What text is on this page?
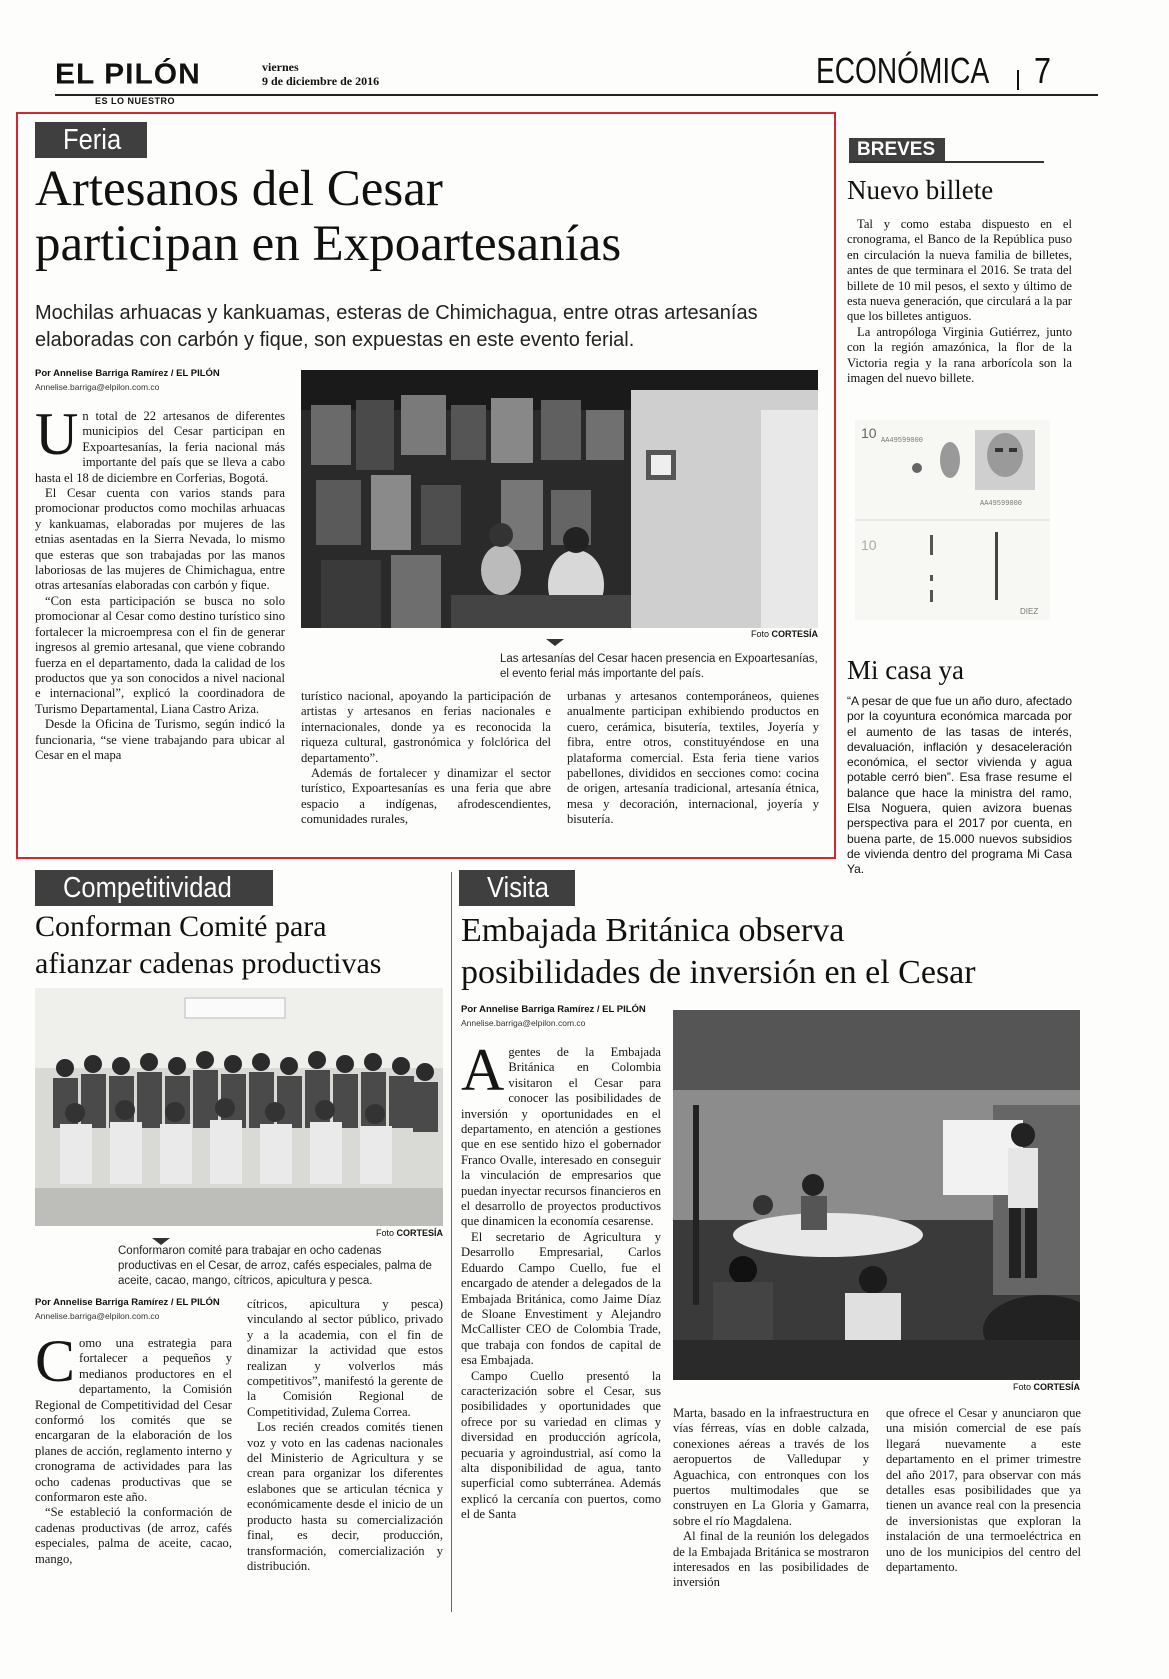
EL PILÓN
ES LO NUESTRO
viernes
9 de diciembre de 2016	ECONÓMICA 7
Feria
Artesanos del Cesar
participan en Expoartesanías
Mochilas arhuacas y kankuamas, esteras de Chimichagua, entre otras artesanías
elaboradas con carbón y fique, son expuestas en este evento ferial.
Por Annelise Barriga Ramírez / EL PILÓN
Annelise.barriga@elpilon.com.co
Foto CORTESÍA
Las artesanías del Cesar hacen presencia en Expoartesanías, el evento ferial más importante del país.

Un total de 22 artesanos de diferentes municipios del Cesar participan en Expoartesanías, la feria nacional más importante del país que se lleva a cabo hasta el 18 de diciembre en Corferias, Bogotá.

El Cesar cuenta con varios stands para promocionar productos como mochilas arhuacas y kankuamas, elaboradas por mujeres de las etnias asentadas en la Sierra Nevada, lo mismo que esteras que son trabajadas por las manos laboriosas de las mujeres de Chimichagua, entre otras artesanías elaboradas con carbón y fique.

“Con esta participación se busca no solo promocionar al Cesar como destino turístico sino fortalecer la microempresa con el fin de generar ingresos al gremio artesanal, que viene cobrando fuerza en el departamento, dada la calidad de los productos que ya son conocidos a nivel nacional e internacional”, explicó la coordinadora de Turismo Departamental, Liana Castro Ariza.

Desde la Oficina de Turismo, según indicó la funcionaria, “se viene trabajando para ubicar al Cesar en el mapa

turístico nacional, apoyando la participación de artistas y artesanos en ferias nacionales e internacionales, donde ya es reconocida la riqueza cultural, gastronómica y folclórica del departamento”.

Además de fortalecer y dinamizar el sector turístico, Expoartesanías es una feria que abre espacio a indígenas, afrodescendientes, comunidades rurales,

urbanas y artesanos contemporáneos, quienes anualmente participan exhibiendo productos en cuero, cerámica, bisutería, textiles, Joyería y fibra, entre otros, constituyéndose en una plataforma comercial. Esta feria tiene varios pabellones, divididos en secciones como: cocina de origen, artesanía tradicional, artesanía étnica, mesa y decoración, internacional, joyería y bisutería.

BREVES
Nuevo billete

Tal y como estaba dispuesto en el cronograma, el Banco de la República puso en circulación la nueva familia de billetes, antes de que terminara el 2016. Se trata del billete de 10 mil pesos, el sexto y último de esta nueva generación, que circulará a la par que los billetes antiguos.

La antropóloga Virginia Gutiérrez, junto con la región amazónica, la flor de la Victoria regia y la rana arborícola son la imagen del nuevo billete.

10 AA49599000
AA49599000
10
DIEZ
Mi casa ya

“A pesar de que fue un año duro, afectado por la coyuntura económica marcada por el aumento de las tasas de interés, devaluación, inflación y desaceleración económica, el sector vivienda y agua potable cerró bien”. Esa frase resume el balance que hace la ministra del ramo, Elsa Noguera, quien avizora buenas perspectiva para el 2017 por cuenta, en buena parte, de 15.000 nuevos subsidios de vivienda dentro del programa Mi Casa Ya.

Competitividad
Conforman Comité para
afianzar cadenas productivas
Foto CORTESÍA
Conformaron comité para trabajar en ocho cadenas productivas en el Cesar, de arroz, cafés especiales, palma de aceite, cacao, mango, cítricos, apicultura y pesca.
Por Annelise Barriga Ramírez / EL PILÓN
Annelise.barriga@elpilon.com.co

Como una estrategia para fortalecer a pequeños y medianos productores en el departamento, la Comisión Regional de Competitividad del Cesar conformó los comités que se encargaran de la elaboración de los planes de acción, reglamento interno y cronograma de actividades para las ocho cadenas productivas que se conformaron este año.

“Se estableció la conformación de cadenas productivas (de arroz, cafés especiales, palma de aceite, cacao, mango,

cítricos, apicultura y pesca) vinculando al sector público, privado y a la academia, con el fin de dinamizar la actividad que estos realizan y volverlos más competitivos”, manifestó la gerente de la Comisión Regional de Competitividad, Zulema Correa.

Los recién creados comités tienen voz y voto en las cadenas nacionales del Ministerio de Agricultura y se crean para organizar los diferentes eslabones que se articulan técnica y económicamente desde el inicio de un producto hasta su comercialización final, es decir, producción, transformación, comercialización y distribución.

Visita
Embajada Británica observa
posibilidades de inversión en el Cesar
Por Annelise Barriga Ramírez / EL PILÓN
Annelise.barriga@elpilon.com.co
Foto CORTESÍA

Agentes de la Embajada Británica en Colombia visitaron el Cesar para conocer las posibilidades de inversión y oportunidades en el departamento, en atención a gestiones que en ese sentido hizo el gobernador Franco Ovalle, interesado en conseguir la vinculación de empresarios que puedan inyectar recursos financieros en el desarrollo de proyectos productivos que dinamicen la economía cesarense.

El secretario de Agricultura y Desarrollo Empresarial, Carlos Eduardo Campo Cuello, fue el encargado de atender a delegados de la Embajada Británica, como Jaime Díaz de Sloane Envestiment y Alejandro McCallister CEO de Colombia Trade, que trabaja con fondos de capital de esa Embajada.

Campo Cuello presentó la caracterización sobre el Cesar, sus posibilidades y oportunidades que ofrece por su variedad en climas y diversidad en producción agrícola, pecuaria y agroindustrial, así como la alta disponibilidad de agua, tanto superficial como subterránea. Además explicó la cercanía con puertos, como el de Santa

Marta, basado en la infraestructura en vías férreas, vías en doble calzada, conexiones aéreas a través de los aeropuertos de Valledupar y Aguachica, con entronques con los puertos multimodales que se construyen en La Gloria y Gamarra, sobre el río Magdalena.

Al final de la reunión los delegados de la Embajada Británica se mostraron interesados en las posibilidades de inversión

que ofrece el Cesar y anunciaron que una misión comercial de ese país llegará nuevamente a este departamento en el primer trimestre del año 2017, para observar con más detalles esas posibilidades que ya tienen un avance real con la presencia de inversionistas que exploran la instalación de una termoeléctrica en uno de los municipios del centro del departamento.
